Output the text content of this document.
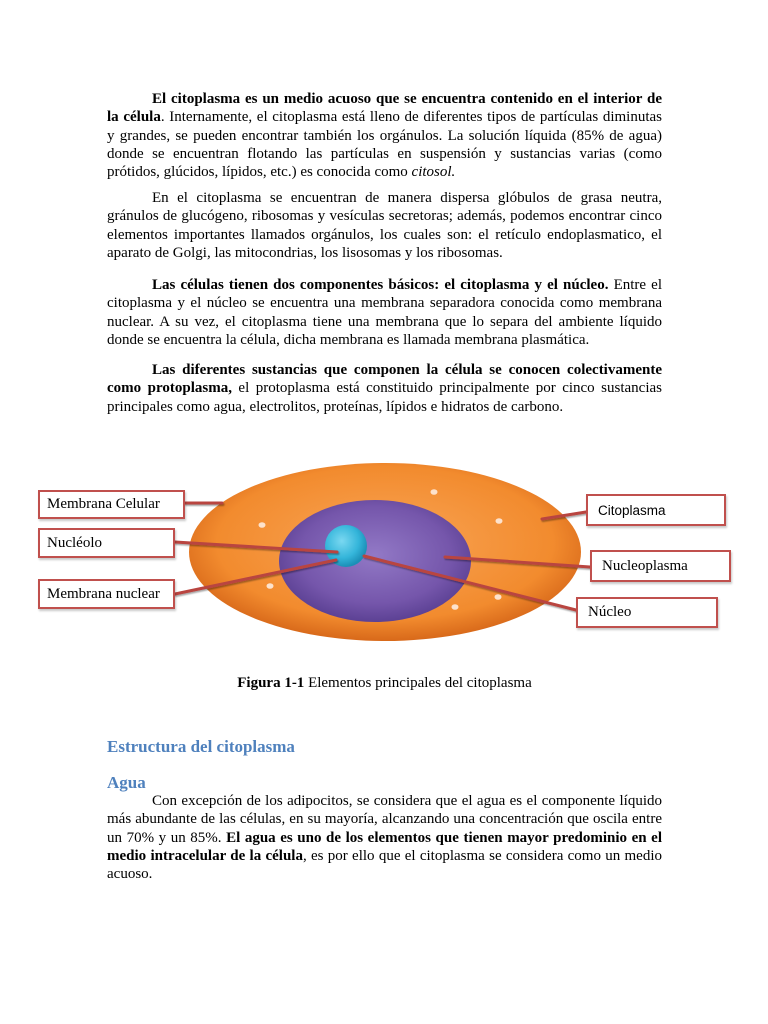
El citoplasma es un medio acuoso que se encuentra contenido en el interior de la célula. Internamente, el citoplasma está lleno de diferentes tipos de partículas diminutas y grandes, se pueden encontrar también los orgánulos. La solución líquida (85% de agua) donde se encuentran flotando las partículas en suspensión y sustancias varias (como prótidos, glúcidos, lípidos, etc.) es conocida como citosol.

En el citoplasma se encuentran de manera dispersa glóbulos de grasa neutra, gránulos de glucógeno, ribosomas y vesículas secretoras; además, podemos encontrar cinco elementos importantes llamados orgánulos, los cuales son: el retículo endoplasmatico, el aparato de Golgi, las mitocondrias, los lisosomas y los ribosomas.

Las células tienen dos componentes básicos: el citoplasma y el núcleo. Entre el citoplasma y el núcleo se encuentra una membrana separadora conocida como membrana nuclear. A su vez, el citoplasma tiene una membrana que lo separa del ambiente líquido donde se encuentra la célula, dicha membrana es llamada membrana plasmática.

Las diferentes sustancias que componen la célula se conocen colectivamente como protoplasma, el protoplasma está constituido principalmente por cinco sustancias principales como agua, electrolitos, proteínas, lípidos e hidratos de carbono.

Membrana Celular
Nucléolo
Membrana nuclear
Citoplasma
Nucleoplasma
Núcleo

Figura 1-1 Elementos principales del citoplasma

Estructura del citoplasma
Agua

Con excepción de los adipocitos, se considera que el agua es el componente líquido más abundante de las células, en su mayoría, alcanzando una concentración que oscila entre un 70% y un 85%. El agua es uno de los elementos que tienen mayor predominio en el medio intracelular de la célula, es por ello que el citoplasma se considera como un medio acuoso.
